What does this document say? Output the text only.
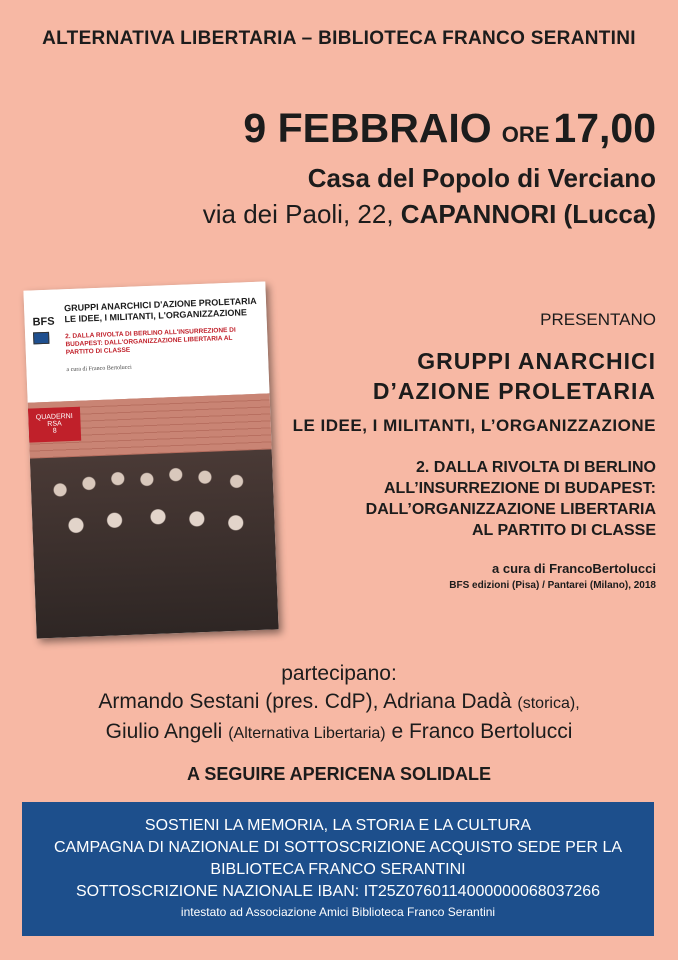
ALTERNATIVA LIBERTARIA – BIBLIOTECA FRANCO SERANTINI
9 FEBBRAIO ORE17,00
Casa del Popolo di Verciano
via dei Paoli, 22, CAPANNORI (Lucca)
BFS
GRUPPI ANARCHICI D'AZIONE PROLETARIA LE IDEE, I MILITANTI, L'ORGANIZZAZIONE
2. DALLA RIVOLTA DI BERLINO ALL'INSURREZIONE DI BUDAPEST: DALL'ORGANIZZAZIONE LIBERTARIA AL PARTITO DI CLASSE
a cura di Franco Bertolucci
QUADERNI RSA
8
PRESENTANO
GRUPPI ANARCHICI
D’AZIONE PROLETARIA
LE IDEE, I MILITANTI, L’ORGANIZZAZIONE
2. DALLA RIVOLTA DI BERLINO
ALL’INSURREZIONE DI BUDAPEST:
DALL’ORGANIZZAZIONE LIBERTARIA
AL PARTITO DI CLASSE
a cura di FrancoBertolucci
BFS edizioni (Pisa) / Pantarei (Milano), 2018
partecipano:
Armando Sestani (pres. CdP), Adriana Dadà (storica),
Giulio Angeli (Alternativa Libertaria) e Franco Bertolucci
A SEGUIRE APERICENA SOLIDALE
SOSTIENI LA MEMORIA, LA STORIA E LA CULTURA
CAMPAGNA DI NAZIONALE DI SOTTOSCRIZIONE ACQUISTO SEDE PER LA
BIBLIOTECA FRANCO SERANTINI
SOTTOSCRIZIONE NAZIONALE IBAN: IT25Z0760114000000068037266
intestato ad Associazione Amici Biblioteca Franco Serantini
